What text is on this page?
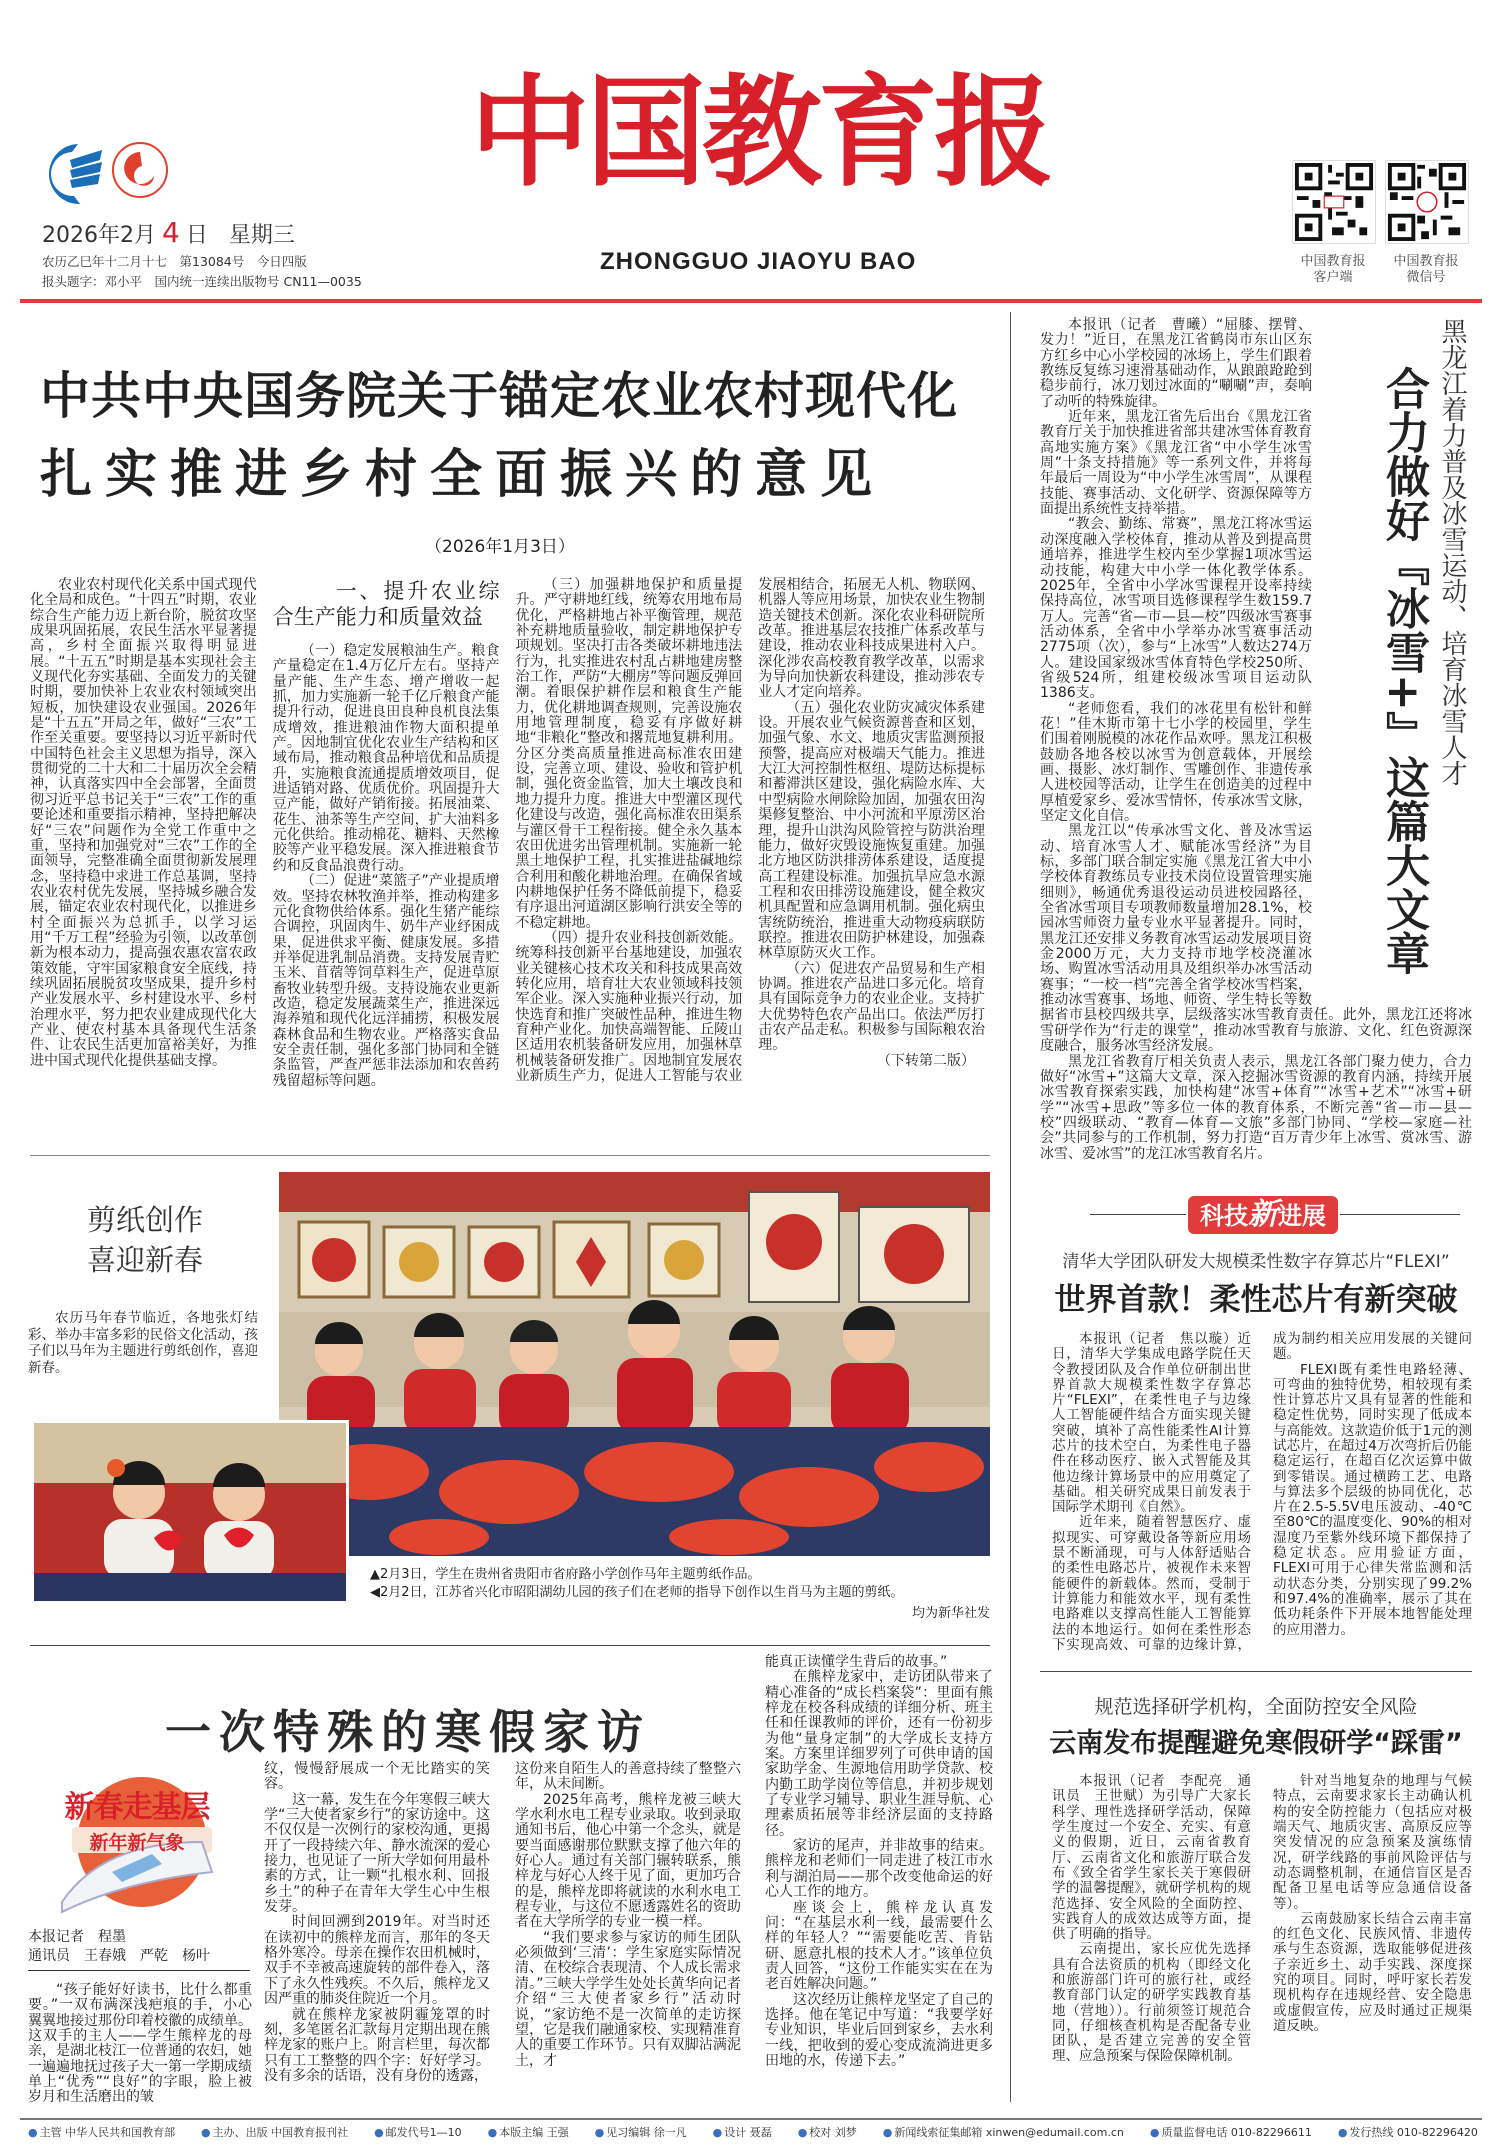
2026年2月 4 日 星期三
农历乙巳年十二月十七　第13084号　今日四版
报头题字：邓小平　国内统一连续出版物号 CN11—0035
中国教育报
ZHONGGUO JIAOYU BAO	中国教育报
客户端
中国教育报
微信号
中共中央国务院关于锚定农业农村现代化
扎实推进乡村全面振兴的意见
（2026年1月3日）

农业农村现代化关系中国式现代化全局和成色。“十四五”时期，农业综合生产能力迈上新台阶，脱贫攻坚成果巩固拓展，农民生活水平显著提高，乡村全面振兴取得明显进展。“十五五”时期是基本实现社会主义现代化夯实基础、全面发力的关键时期，要加快补上农业农村领域突出短板，加快建设农业强国。2026年是“十五五”开局之年，做好“三农”工作至关重要。要坚持以习近平新时代中国特色社会主义思想为指导，深入贯彻党的二十大和二十届历次全会精神，认真落实四中全会部署，全面贯彻习近平总书记关于“三农”工作的重要论述和重要指示精神，坚持把解决好“三农”问题作为全党工作重中之重，坚持和加强党对“三农”工作的全面领导，完整准确全面贯彻新发展理念，坚持稳中求进工作总基调，坚持农业农村优先发展，坚持城乡融合发展，锚定农业农村现代化，以推进乡村全面振兴为总抓手，以学习运用“千万工程”经验为引领，以改革创新为根本动力，提高强农惠农富农政策效能，守牢国家粮食安全底线，持续巩固拓展脱贫攻坚成果，提升乡村产业发展水平、乡村建设水平、乡村治理水平，努力把农业建成现代化大产业、使农村基本具备现代生活条件、让农民生活更加富裕美好，为推进中国式现代化提供基础支撑。

一、提升农业综合生产能力和质量效益

（一）稳定发展粮油生产。粮食产量稳定在1.4万亿斤左右。坚持产量产能、生产生态、增产增收一起抓，加力实施新一轮千亿斤粮食产能提升行动，促进良田良种良机良法集成增效，推进粮油作物大面积提单产。因地制宜优化农业生产结构和区域布局，推动粮食品种培优和品质提升，实施粮食流通提质增效项目，促进适销对路、优质优价。巩固提升大豆产能，做好产销衔接。拓展油菜、花生、油茶等生产空间，扩大油料多元化供给。推动棉花、糖料、天然橡胶等产业平稳发展。深入推进粮食节约和反食品浪费行动。

（二）促进“菜篮子”产业提质增效。坚持农林牧渔并举，推动构建多元化食物供给体系。强化生猪产能综合调控，巩固肉牛、奶牛产业纾困成果，促进供求平衡、健康发展。多措并举促进乳制品消费。支持发展青贮玉米、苜蓿等饲草料生产，促进草原畜牧业转型升级。支持设施农业更新改造，稳定发展蔬菜生产，推进深远海养殖和现代化远洋捕捞，积极发展森林食品和生物农业。严格落实食品安全责任制，强化多部门协同和全链条监管，严查严惩非法添加和农兽药残留超标等问题。

（三）加强耕地保护和质量提升。严守耕地红线，统筹农用地布局优化，严格耕地占补平衡管理，规范补充耕地质量验收，制定耕地保护专项规划。坚决打击各类破坏耕地违法行为，扎实推进农村乱占耕地建房整治工作，严防“大棚房”等问题反弹回潮。着眼保护耕作层和粮食生产能力，优化耕地调查规则，完善设施农用地管理制度，稳妥有序做好耕地“非粮化”整改和撂荒地复耕利用。分区分类高质量推进高标准农田建设，完善立项、建设、验收和管护机制，强化资金监管，加大土壤改良和地力提升力度。推进大中型灌区现代化建设与改造，强化高标准农田渠系与灌区骨干工程衔接。健全永久基本农田优进劣出管理机制。实施新一轮黑土地保护工程，扎实推进盐碱地综合利用和酸化耕地治理。在确保省域内耕地保护任务不降低前提下，稳妥有序退出河道湖区影响行洪安全等的不稳定耕地。

（四）提升农业科技创新效能。统筹科技创新平台基地建设，加强农业关键核心技术攻关和科技成果高效转化应用，培育壮大农业领域科技领军企业。深入实施种业振兴行动，加快选育和推广突破性品种，推进生物育种产业化。加快高端智能、丘陵山区适用农机装备研发应用，加强林草机械装备研发推广。因地制宜发展农业新质生产力，促进人工智能与农业发展相结合，拓展无人机、物联网、机器人等应用场景，加快农业生物制造关键技术创新。深化农业科研院所改革。推进基层农技推广体系改革与建设，推动农业科技成果进村入户。深化涉农高校教育教学改革，以需求为导向加快新农科建设，推动涉农专业人才定向培养。

（五）强化农业防灾减灾体系建设。开展农业气候资源普查和区划，加强气象、水文、地质灾害监测预报预警，提高应对极端天气能力。推进大江大河控制性枢纽、堤防达标提标和蓄滞洪区建设，强化病险水库、大中型病险水闸除险加固，加强农田沟渠修复整治、中小河流和平原涝区治理，提升山洪沟风险管控与防洪治理能力，做好灾毁设施恢复重建。加强北方地区防洪排涝体系建设，适度提高工程建设标准。加强抗旱应急水源工程和农田排涝设施建设，健全救灾机具配置和应急调用机制。强化病虫害统防统治，推进重大动物疫病联防联控。推进农田防护林建设，加强森林草原防灭火工作。

（六）促进农产品贸易和生产相协调。推进农产品进口多元化。培育具有国际竞争力的农业企业。支持扩大优势特色农产品出口。依法严厉打击农产品走私。积极参与国际粮农治理。

（下转第二版）

黑龙江着力普及冰雪运动、培育冰雪人才
合力做好『冰雪+』这篇大文章

本报讯（记者　曹曦）“屈膝、摆臂、发力！”近日，在黑龙江省鹤岗市东山区东方红乡中心小学校园的冰场上，学生们跟着教练反复练习速滑基础动作，从踉踉跄跄到稳步前行，冰刀划过冰面的“唰唰”声，奏响了动听的特殊旋律。

近年来，黑龙江省先后出台《黑龙江省教育厅关于加快推进省部共建冰雪体育教育高地实施方案》《黑龙江省“中小学生冰雪周”十条支持措施》等一系列文件，并将每年最后一周设为“中小学生冰雪周”，从课程技能、赛事活动、文化研学、资源保障等方面提出系统性支持举措。

“教会、勤练、常赛”，黑龙江将冰雪运动深度融入学校体育，推动从普及到提高贯通培养，推进学生校内至少掌握1项冰雪运动技能，构建大中小学一体化教学体系。2025年，全省中小学冰雪课程开设率持续保持高位，冰雪项目选修课程学生数159.7万人。完善“省—市—县—校”四级冰雪赛事活动体系，全省中小学举办冰雪赛事活动2775项（次），参与“上冰雪”人数达274万人。建设国家级冰雪体育特色学校250所、省级524所，组建校级冰雪项目运动队1386支。

“老师您看，我们的冰花里有松针和鲜花！”佳木斯市第十七小学的校园里，学生们围着刚脱模的冰花作品欢呼。黑龙江积极鼓励各地各校以冰雪为创意载体，开展绘画、摄影、冰灯制作、雪雕创作、非遗传承人进校园等活动，让学生在创造美的过程中厚植爱家乡、爱冰雪情怀，传承冰雪文脉，坚定文化自信。

黑龙江以“传承冰雪文化、普及冰雪运动、培育冰雪人才、赋能冰雪经济”为目标，多部门联合制定实施《黑龙江省大中小学校体育教练员专业技术岗位设置管理实施细则》，畅通优秀退役运动员进校园路径，全省冰雪项目专项教师数量增加28.1%，校园冰雪师资力量专业水平显著提升。同时，黑龙江还安排义务教育冰雪运动发展项目资金2000万元，大力支持市地学校浇灌冰场、购置冰雪活动用具及组织举办冰雪活动赛事；“一校一档”完善全省学校冰雪档案，推动冰雪赛事、场地、师资、学生特长等数据省市县校四级共享，层级落实冰雪教育责任。此外，黑龙江还将冰雪研学作为“行走的课堂”，推动冰雪教育与旅游、文化、红色资源深度融合，服务冰雪经济发展。

黑龙江省教育厅相关负责人表示，黑龙江各部门聚力使力，合力做好“冰雪+”这篇大文章，深入挖掘冰雪资源的教育内涵，持续开展冰雪教育探索实践，加快构建“冰雪+体育”“冰雪+艺术”“冰雪+研学”“冰雪+思政”等多位一体的教育体系，不断完善“省—市—县—校”四级联动、“教育—体育—文旅”多部门协同、“学校—家庭—社会”共同参与的工作机制，努力打造“百万青少年上冰雪、赏冰雪、游冰雪、爱冰雪”的龙江冰雪教育名片。

科技新进展
清华大学团队研发大规模柔性数字存算芯片“FLEXI”
世界首款！柔性芯片有新突破

本报讯（记者　焦以璇）近日，清华大学集成电路学院任天令教授团队及合作单位研制出世界首款大规模柔性数字存算芯片“FLEXI”，在柔性电子与边缘人工智能硬件结合方面实现关键突破，填补了高性能柔性AI计算芯片的技术空白，为柔性电子器件在移动医疗、嵌入式智能及其他边缘计算场景中的应用奠定了基础。相关研究成果日前发表于国际学术期刊《自然》。

近年来，随着智慧医疗、虚拟现实、可穿戴设备等新应用场景不断涌现，可与人体舒适贴合的柔性电路芯片，被视作未来智能硬件的新载体。然而，受制于计算能力和能效水平，现有柔性电路难以支撑高性能人工智能算法的本地运行。如何在柔性形态下实现高效、可靠的边缘计算，成为制约相关应用发展的关键问题。

FLEXI既有柔性电路轻薄、可弯曲的独特优势，相较现有柔性计算芯片又具有显著的性能和稳定性优势，同时实现了低成本与高能效。这款造价低于1元的测试芯片，在超过4万次弯折后仍能稳定运行，在超百亿次运算中做到零错误。通过横跨工艺、电路与算法多个层级的协同优化，芯片在2.5-5.5V电压波动、-40℃至80℃的温度变化、90%的相对湿度乃至紫外线环境下都保持了稳定状态。应用验证方面，FLEXI可用于心律失常监测和活动状态分类，分别实现了99.2%和97.4%的准确率，展示了其在低功耗条件下开展本地智能处理的应用潜力。

规范选择研学机构，全面防控安全风险
云南发布提醒避免寒假研学“踩雷”

本报讯（记者　李配亮　通讯员　王世赋）为引导广大家长科学、理性选择研学活动，保障学生度过一个安全、充实、有意义的假期，近日，云南省教育厅、云南省文化和旅游厅联合发布《致全省学生家长关于寒假研学的温馨提醒》，就研学机构的规范选择、安全风险的全面防控、实践育人的成效达成等方面，提供了明确的指导。

云南提出，家长应优先选择具有合法资质的机构（即经文化和旅游部门许可的旅行社，或经教育部门认定的研学实践教育基地（营地））。行前须签订规范合同，仔细核查机构是否配备专业团队，是否建立完善的安全管理、应急预案与保险保障机制。

针对当地复杂的地理与气候特点，云南要求家长主动确认机构的安全防控能力（包括应对极端天气、地质灾害、高原反应等突发情况的应急预案及演练情况，研学线路的事前风险评估与动态调整机制，在通信盲区是否配备卫星电话等应急通信设备等）。

云南鼓励家长结合云南丰富的红色文化、民族风情、非遗传承与生态资源，选取能够促进孩子亲近乡土、动手实践、深度探究的项目。同时，呼吁家长若发现机构存在违规经营、安全隐患或虚假宣传，应及时通过正规渠道反映。

剪纸创作
喜迎新春

农历马年春节临近，各地张灯结彩、举办丰富多彩的民俗文化活动，孩子们以马年为主题进行剪纸创作，喜迎新春。

▲2月3日，学生在贵州省贵阳市省府路小学创作马年主题剪纸作品。
◀2月2日，江苏省兴化市昭阳湖幼儿园的孩子们在老师的指导下创作以生肖马为主题的剪纸。
均为新华社发
一次特殊的寒假家访
新春走基层
新年新气象
本报记者　程墨
通讯员　王春娥　严乾　杨叶

“孩子能好好读书，比什么都重要。”一双布满深浅疤痕的手，小心翼翼地接过那份印着校徽的成绩单。这双手的主人——学生熊梓龙的母亲，是湖北枝江一位普通的农妇，她一遍遍地抚过孩子大一第一学期成绩单上“优秀”“良好”的字眼，脸上被岁月和生活磨出的皱

纹，慢慢舒展成一个无比踏实的笑容。

这一幕，发生在今年寒假三峡大学“三大使者家乡行”的家访途中。这不仅仅是一次例行的家校沟通，更揭开了一段持续六年、静水流深的爱心接力，也见证了一所大学如何用最朴素的方式，让一颗“扎根水利、回报乡土”的种子在青年大学生心中生根发芽。

时间回溯到2019年。对当时还在读初中的熊梓龙而言，那年的冬天格外寒冷。母亲在操作农田机械时，双手不幸被高速旋转的部件卷入，落下了永久性残疾。不久后，熊梓龙又因严重的肺炎住院近一个月。

就在熊梓龙家被阴霾笼罩的时刻，多笔匿名汇款每月定期出现在熊梓龙家的账户上。附言栏里，每次都只有工工整整的四个字：好好学习。没有多余的话语，没有身份的透露，

这份来自陌生人的善意持续了整整六年，从未间断。

2025年高考，熊梓龙被三峡大学水利水电工程专业录取。收到录取通知书后，他心中第一个念头，就是要当面感谢那位默默支撑了他六年的好心人。通过有关部门辗转联系，熊梓龙与好心人终于见了面，更加巧合的是，熊梓龙即将就读的水利水电工程专业，与这位不愿透露姓名的资助者在大学所学的专业一模一样。

“我们要求参与家访的师生团队必须做到‘三清’：学生家庭实际情况清、在校综合表现清、个人成长需求清。”三峡大学学生处处长黄华向记者介绍“三大使者家乡行”活动时说，“家访绝不是一次简单的走访探望，它是我们融通家校、实现精准育人的重要工作环节。只有双脚沾满泥土，才

能真正读懂学生背后的故事。”

在熊梓龙家中，走访团队带来了精心准备的“成长档案袋”：里面有熊梓龙在校各科成绩的详细分析、班主任和任课教师的评价，还有一份初步为他“量身定制”的大学成长支持方案。方案里详细罗列了可供申请的国家助学金、生源地信用助学贷款、校内勤工助学岗位等信息，并初步规划了专业学习辅导、职业生涯导航、心理素质拓展等非经济层面的支持路径。

家访的尾声，并非故事的结束。熊梓龙和老师们一同走进了枝江市水利与湖泊局——那个改变他命运的好心人工作的地方。

座谈会上，熊梓龙认真发问：“在基层水利一线，最需要什么样的年轻人？”“需要能吃苦、肯钻研、愿意扎根的技术人才。”该单位负责人回答，“这份工作能实实在在为老百姓解决问题。”

这次经历让熊梓龙坚定了自己的选择。他在笔记中写道：“我要学好专业知识，毕业后回到家乡，去水利一线，把收到的爱心变成流淌进更多田地的水，传递下去。”

● 主管 中华人民共和国教育部 ● 主办、出版 中国教育报刊社 ● 邮发代号1—10 ● 本版主编 王强 ● 见习编辑 徐一凡 ● 设计 聂磊 ● 校对 刘梦 ● 新闻线索征集邮箱 xinwen@edumail.com.cn ● 质量监督电话 010-82296611 ● 发行热线 010-82296420
